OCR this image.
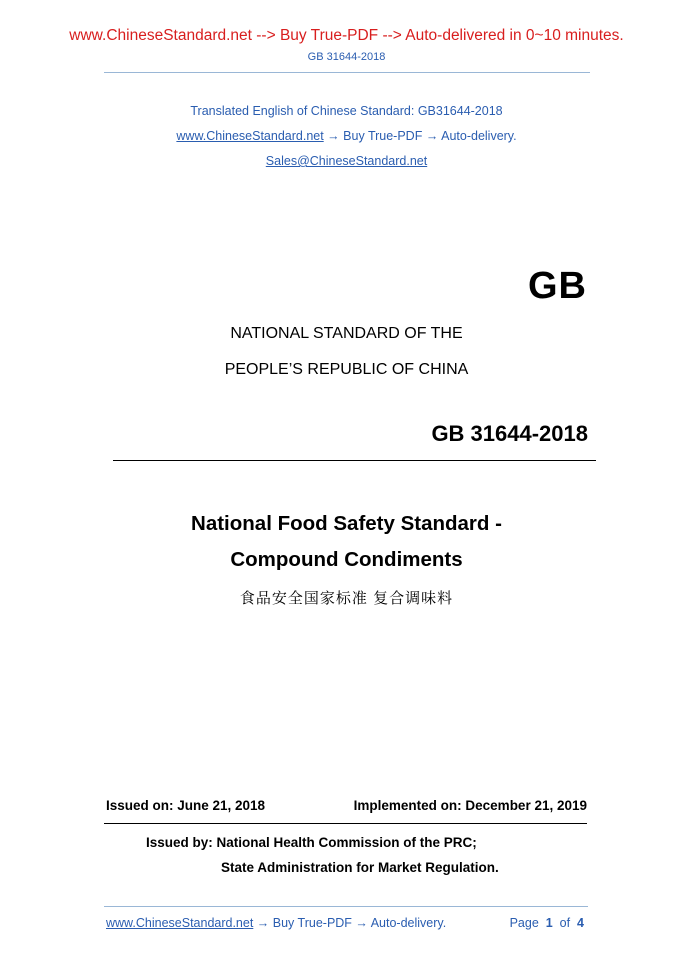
www.ChineseStandard.net --> Buy True-PDF --> Auto-delivered in 0~10 minutes.
GB 31644-2018
Translated English of Chinese Standard: GB31644-2018
www.ChineseStandard.net → Buy True-PDF → Auto-delivery.
Sales@ChineseStandard.net
GB
NATIONAL STANDARD OF THE
PEOPLE’S REPUBLIC OF CHINA
GB 31644-2018
National Food Safety Standard -
Compound Condiments
食品安全国家标准 复合调味料
Issued on: June 21, 2018	Implemented on: December 21, 2019
Issued by: National Health Commission of the PRC;
State Administration for Market Regulation.
www.ChineseStandard.net → Buy True-PDF → Auto-delivery.	Page 1 of 4
